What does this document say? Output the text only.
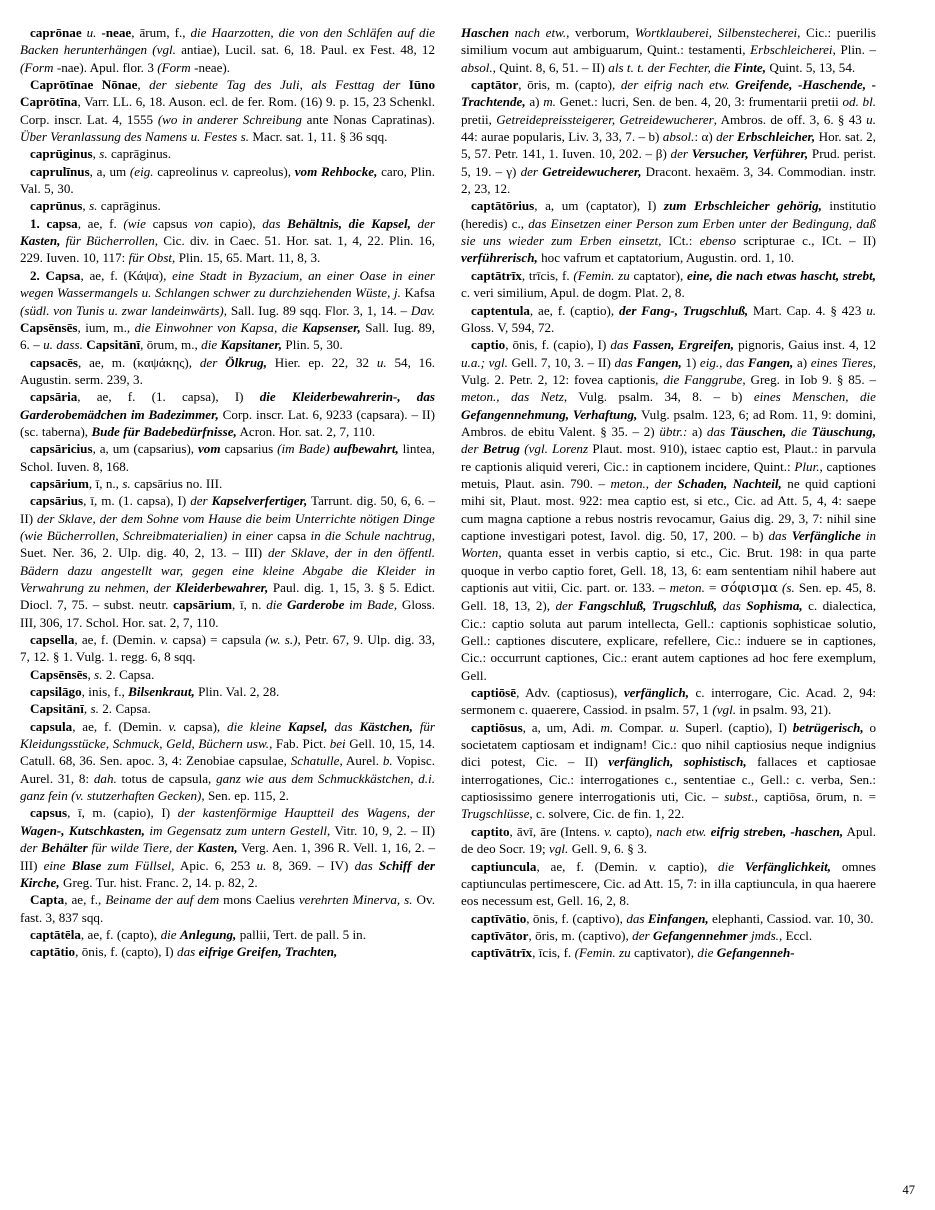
caprōnae u. -neae, ārum, f., die Haarzotten, die von den Schläfen auf die Backen herunterhängen (vgl. antiae), Lucil. sat. 6, 18. Paul. ex Fest. 48, 12 (Form -nae). Apul. flor. 3 (Form -neae).

Caprōtīnae Nōnae, der siebente Tag des Juli, als Festtag der Iūno Caprōtīna, Varr. LL. 6, 18. Auson. ecl. de fer. Rom. (16) 9. p. 15, 23 Schenkl. Corp. inscr. Lat. 4, 1555 (wo in anderer Schreibung ante Nonas Capratinas). Über Veranlassung des Namens u. Festes s. Macr. sat. 1, 11. § 36 sqq.

caprūginus, s. caprāginus.

caprulīnus, a, um (eig. capreolinus v. capreolus), vom Rehbocke, caro, Plin. Val. 5, 30.

caprūnus, s. caprāginus.

1. capsa, ae, f. (wie capsus von capio), das Behältnis, die Kapsel, der Kasten, für Bücherrollen, Cic. div. in Caec. 51. Hor. sat. 1, 4, 22. Plin. 16, 229. Iuven. 10, 117: für Obst, Plin. 15, 65. Mart. 11, 8, 3.

2. Capsa, ae, f. (Κάψα), eine Stadt in Byzacium, an einer Oase in einer wegen Wassermangels u. Schlangen schwer zu durchziehenden Wüste, j. Kafsa (südl. von Tunis u. zwar landeinwärts), Sall. Iug. 89 sqq. Flor. 3, 1, 14. – Dav. Capsēnsēs, ium, m., die Einwohner von Kapsa, die Kapsenser, Sall. Iug. 89, 6. – u. dass. Capsitānī, ōrum, m., die Kapsitaner, Plin. 5, 30.

capsacēs, ae, m. (καψάκης), der Ölkrug, Hier. ep. 22, 32 u. 54, 16. Augustin. serm. 239, 3.

capsāria, ae, f. (1. capsa), I) die Kleiderbewahrerin-, das Garderobemädchen im Badezimmer, Corp. inscr. Lat. 6, 9233 (capsara). – II) (sc. taberna), Bude für Badebedürfnisse, Acron. Hor. sat. 2, 7, 110.

capsāricius, a, um (capsarius), vom capsarius (im Bade) aufbewahrt, lintea, Schol. Iuven. 8, 168.

capsārium, ī, n., s. capsārius no. III.

capsārius, ī, m. (1. capsa), I) der Kapselverfertiger, Tarrunt. dig. 50, 6, 6. – II) der Sklave, der dem Sohne vom Hause die beim Unterrichte nötigen Dinge (wie Bücherrollen, Schreibmaterialien) in einer capsa in die Schule nachtrug, Suet. Ner. 36, 2. Ulp. dig. 40, 2, 13. – III) der Sklave, der in den öffentl. Bädern dazu angestellt war, gegen eine kleine Abgabe die Kleider in Verwahrung zu nehmen, der Kleiderbewahrer, Paul. dig. 1, 15, 3. § 5. Edict. Diocl. 7, 75. – subst. neutr. capsārium, ī, n. die Garderobe im Bade, Gloss. III, 306, 17. Schol. Hor. sat. 2, 7, 110.

capsella, ae, f. (Demin. v. capsa) = capsula (w. s.), Petr. 67, 9. Ulp. dig. 33, 7, 12. § 1. Vulg. 1. regg. 6, 8 sqq.

Capsēnsēs, s. 2. Capsa.

capsilāgo, inis, f., Bilsenkraut, Plin. Val. 2, 28.

Capsitānī, s. 2. Capsa.

capsula, ae, f. (Demin. v. capsa), die kleine Kapsel, das Kästchen, für Kleidungsstücke, Schmuck, Geld, Büchern usw., Fab. Pict. bei Gell. 10, 15, 14. Catull. 68, 36. Sen. apoc. 3, 4: Zenobiae capsulae, Schatulle, Aurel. b. Vopisc. Aurel. 31, 8: dah. totus de capsula, ganz wie aus dem Schmuckkästchen, d.i. ganz fein (v. stutzerhaften Gecken), Sen. ep. 115, 2.

capsus, ī, m. (capio), I) der kastenförmige Hauptteil des Wagens, der Wagen-, Kutschkasten, im Gegensatz zum untern Gestell, Vitr. 10, 9, 2. – II) der Behälter für wilde Tiere, der Kasten, Verg. Aen. 1, 396 R. Vell. 1, 16, 2. – III) eine Blase zum Füllsel, Apic. 6, 253 u. 8, 369. – IV) das Schiff der Kirche, Greg. Tur. hist. Franc. 2, 14. p. 82, 2.

Capta, ae, f., Beiname der auf dem mons Caelius verehrten Minerva, s. Ov. fast. 3, 837 sqq.

captātēla, ae, f. (capto), die Anlegung, pallii, Tert. de pall. 5 in.

captātio, ōnis, f. (capto), I) das eifrige Greifen, Trachten,

Haschen nach etw., verborum, Wortklauberei, Silbenstecherei, Cic.: puerilis similium vocum aut ambiguarum, Quint.: testamenti, Erbschleicherei, Plin. – absol., Quint. 8, 6, 51. – II) als t. t. der Fechter, die Finte, Quint. 5, 13, 54.

captātor, ōris, m. (capto), der eifrig nach etw. Greifende, -Haschende, -Trachtende, a) m. Genet.: lucri, Sen. de ben. 4, 20, 3: frumentarii pretii od. bl. pretii, Getreidepreissteigerer, Getreidewucherer, Ambros. de off. 3, 6. § 43 u. 44: aurae popularis, Liv. 3, 33, 7. – b) absol.: α) der Erbschleicher, Hor. sat. 2, 5, 57. Petr. 141, 1. Iuven. 10, 202. – β) der Versucher, Verführer, Prud. perist. 5, 19. – γ) der Getreidewucherer, Dracont. hexaëm. 3, 34. Commodian. instr. 2, 23, 12.

captātōrius, a, um (captator), I) zum Erbschleicher gehörig, institutio (heredis) c., das Einsetzen einer Person zum Erben unter der Bedingung, daß sie uns wieder zum Erben einsetzt, ICt.: ebenso scripturae c., ICt. – II) verführerisch, hoc vafrum et captatorium, Augustin. ord. 1, 10.

captātrīx, trīcis, f. (Femin. zu captator), eine, die nach etwas hascht, strebt, c. veri similium, Apul. de dogm. Plat. 2, 8.

captentula, ae, f. (captio), der Fang-, Trugschluß, Mart. Cap. 4. § 423 u. Gloss. V, 594, 72.

captio, ōnis, f. (capio), I) das Fassen, Ergreifen, pignoris, Gaius inst. 4, 12 u.a.; vgl. Gell. 7, 10, 3. – II) das Fangen, 1) eig., das Fangen, a) eines Tieres, Vulg. 2. Petr. 2, 12: fovea captionis, die Fanggrube, Greg. in Iob 9. § 85. – meton., das Netz, Vulg. psalm. 34, 8. – b) eines Menschen, die Gefangennehmung, Verhaftung, Vulg. psalm. 123, 6; ad Rom. 11, 9: domini, Ambros. de ebitu Valent. § 35. – 2) übtr.: a) das Täuschen, die Täuschung, der Betrug (vgl. Lorenz Plaut. most. 910), istaec captio est, Plaut.: in parvula re captionis aliquid vereri, Cic.: in captionem incidere, Quint.: Plur., captiones metuis, Plaut. asin. 790. – meton., der Schaden, Nachteil, ne quid captioni mihi sit, Plaut. most. 922: mea captio est, si etc., Cic. ad Att. 5, 4, 4: saepe cum magna captione a rebus nostris revocamur, Gaius dig. 29, 3, 7: nihil sine captione investigari potest, Iavol. dig. 50, 17, 200. – b) das Verfängliche in Worten, quanta esset in verbis captio, si etc., Cic. Brut. 198: in qua parte quoque in verbo captio foret, Gell. 18, 13, 6: eam sententiam nihil habere aut captionis aut vitii, Cic. part. or. 133. – meton. = σόφισμα (s. Sen. ep. 45, 8. Gell. 18, 13, 2), der Fangschluß, Trugschluß, das Sophisma, c. dialectica, Cic.: captio soluta aut parum intellecta, Gell.: captionis sophisticae solutio, Gell.: captiones discutere, explicare, refellere, Cic.: induere se in captiones, Cic.: occurrunt captiones, Cic.: erant autem captiones ad hoc fere exemplum, Gell.

captiōsē, Adv. (captiosus), verfänglich, c. interrogare, Cic. Acad. 2, 94: sermonem c. quaerere, Cassiod. in psalm. 57, 1 (vgl. in psalm. 93, 21).

captiōsus, a, um, Adi. m. Compar. u. Superl. (captio), I) betrügerisch, o societatem captiosam et indignam! Cic.: quo nihil captiosius neque indignius dici potest, Cic. – II) verfänglich, sophistisch, fallaces et captiosae interrogationes, Cic.: interrogationes c., sententiae c., Gell.: c. verba, Sen.: captiosissimo genere interrogationis uti, Cic. – subst., captiōsa, ōrum, n. = Trugschlüsse, c. solvere, Cic. de fin. 1, 22.

captito, āvī, āre (Intens. v. capto), nach etw. eifrig streben, -haschen, Apul. de deo Socr. 19; vgl. Gell. 9, 6. § 3.

captiuncula, ae, f. (Demin. v. captio), die Verfänglichkeit, omnes captiunculas pertimescere, Cic. ad Att. 15, 7: in illa captiuncula, in qua haerere eos necessum est, Gell. 16, 2, 8.

captīvātio, ōnis, f. (captivo), das Einfangen, elephanti, Cassiod. var. 10, 30.

captīvātor, ōris, m. (captivo), der Gefangennehmer jmds., Eccl.

captīvātrīx, īcis, f. (Femin. zu captivator), die Gefangenneh-

47
